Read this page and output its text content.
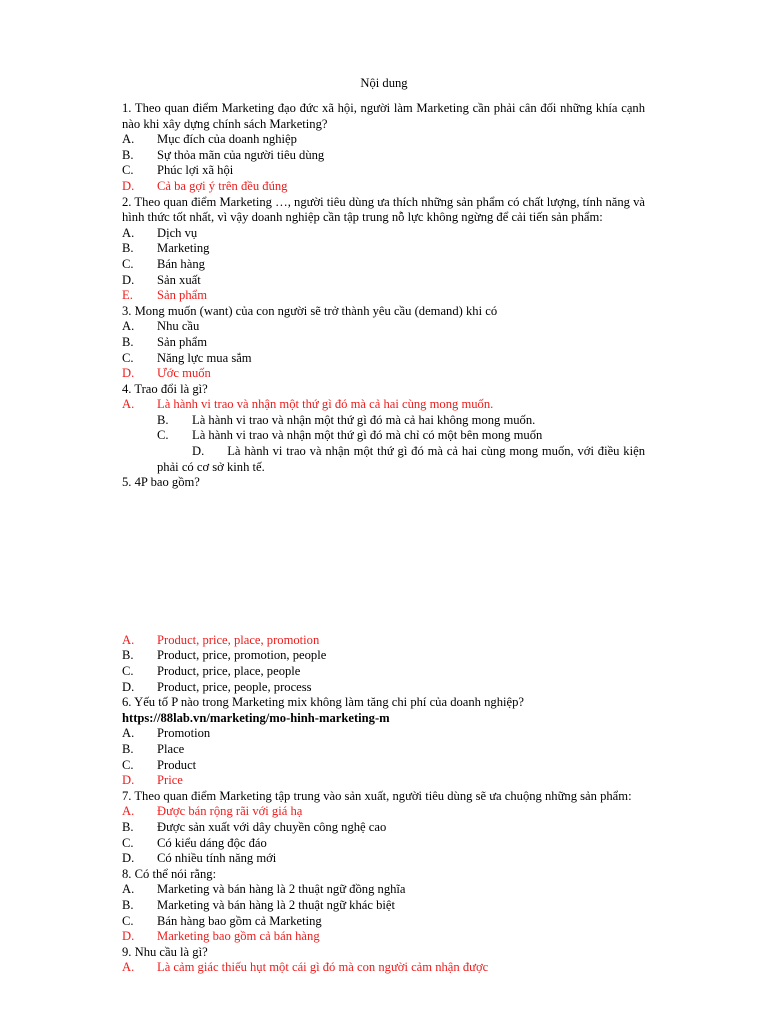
Nội dung
1. Theo quan điểm Marketing đạo đức xã hội, người làm Marketing cần phải cân đối những khía cạnh nào khi xây dựng chính sách Marketing?
A. Mục đích của doanh nghiệp
B. Sự thỏa mãn của người tiêu dùng
C. Phúc lợi xã hội
D. Cả ba gợi ý trên đều đúng
2. Theo quan điểm Marketing …, người tiêu dùng ưa thích những sản phẩm có chất lượng, tính năng và hình thức tốt nhất, vì vậy doanh nghiệp cần tập trung nỗ lực không ngừng để cải tiến sản phẩm:
A. Dịch vụ
B. Marketing
C. Bán hàng
D. Sản xuất
E. Sản phẩm
3. Mong muốn (want) của con người sẽ trở thành yêu cầu (demand) khi có
A. Nhu cầu
B. Sản phẩm
C. Năng lực mua sắm
D. Ước muốn
4. Trao đổi là gì?
A. Là hành vi trao và nhận một thứ gì đó mà cả hai cùng mong muốn.
B. Là hành vi trao và nhận một thứ gì đó mà cả hai không mong muốn.
C. Là hành vi trao và nhận một thứ gì đó mà chỉ có một bên mong muốn
D.      Là hành vi trao và nhận một thứ gì đó mà cả hai cùng mong muốn, với điều kiện phải có cơ sở kinh tế.
5. 4P bao gồm?
A. Product, price, place, promotion
B. Product, price, promotion, people
C. Product, price, place, people
D. Product, price, people, process
6. Yếu tố P nào trong Marketing mix không làm tăng chi phí của doanh nghiệp?
https://88lab.vn/marketing/mo-hinh-marketing-m
A. Promotion
B. Place
C. Product
D. Price
7. Theo quan điểm Marketing tập trung vào sản xuất, người tiêu dùng sẽ ưa chuộng những sản phẩm:
A. Được bán rộng rãi với giá hạ
B. Được sản xuất với dây chuyền công nghệ cao
C. Có kiểu dáng độc đáo
D. Có nhiều tính năng mới
8. Có thể nói rằng:
A. Marketing và bán hàng là 2 thuật ngữ đồng nghĩa
B. Marketing và bán hàng là 2 thuật ngữ khác biệt
C. Bán hàng bao gồm cả Marketing
D. Marketing bao gồm cả bán hàng
9. Nhu cầu là gì?
A. Là cảm giác thiếu hụt một cái gì đó mà con người cảm nhận được
